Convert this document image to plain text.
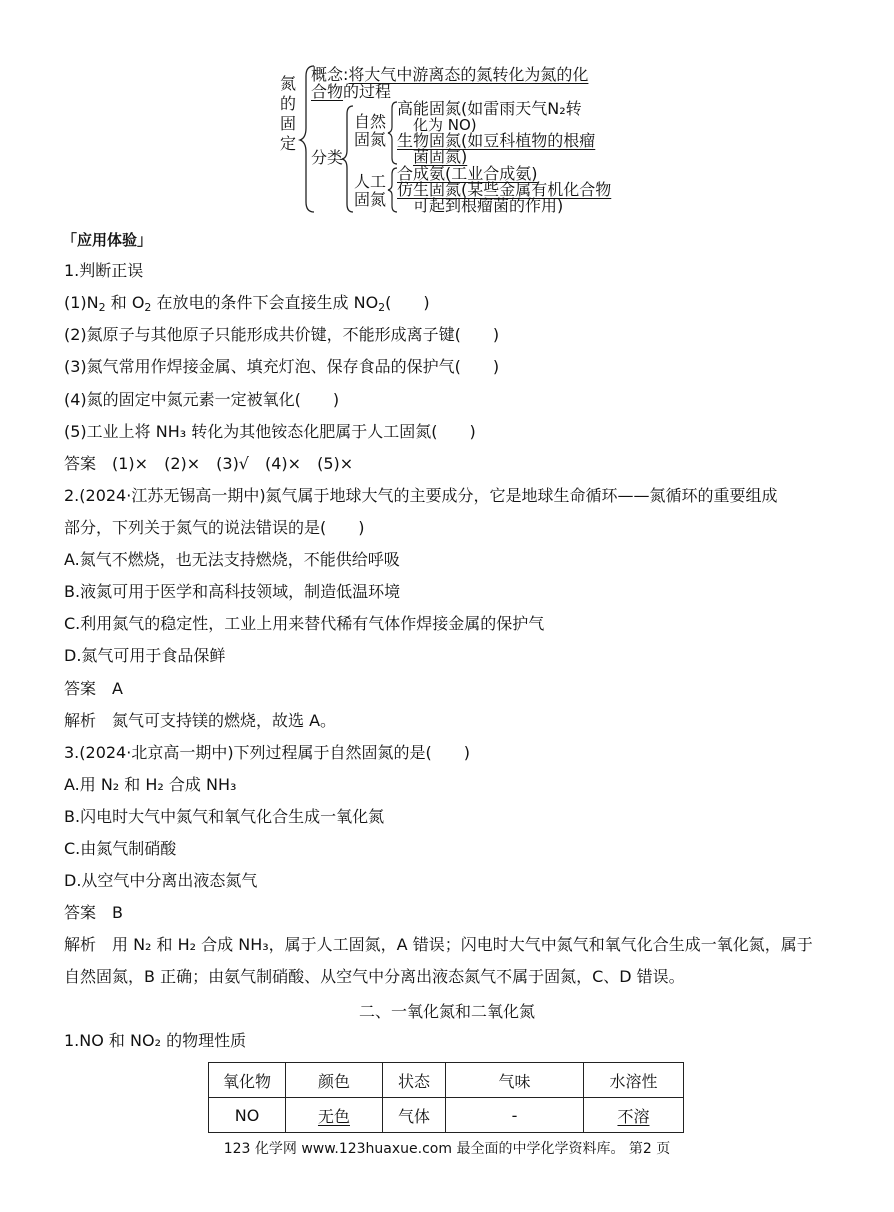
氮的固定
概念:将大气中游离态的氮转化为氮的化
合物的过程
分类
自然
固氮
高能固氮(如雷雨天气N₂转
化为 NO)
生物固氮(如豆科植物的根瘤
菌固氮)
人工
固氮
合成氨(工业合成氨)
仿生固氮(某些金属有机化合物
可起到根瘤菌的作用)
「应用体验」
1.判断正误
$(1)N_2$ 和 $O_2$ 在放电的条件下会直接生成 $NO_2$(　　)
(2)氮原子与其他原子只能形成共价键，不能形成离子键(　　)
(3)氮气常用作焊接金属、填充灯泡、保存食品的保护气(　　)
(4)氮的固定中氮元素一定被氧化(　　)
(5)工业上将 NH₃ 转化为其他铵态化肥属于人工固氮(　　)
答案　(1)×　(2)×　(3)√　(4)×　(5)×
2.(2024·江苏无锡高一期中)氮气属于地球大气的主要成分，它是地球生命循环——氮循环的重要组成
部分，下列关于氮气的说法错误的是(　　)
A.氮气不燃烧，也无法支持燃烧，不能供给呼吸
B.液氮可用于医学和高科技领域，制造低温环境
C.利用氮气的稳定性，工业上用来替代稀有气体作焊接金属的保护气
D.氮气可用于食品保鲜
答案　A
解析　氮气可支持镁的燃烧，故选 A。
3.(2024·北京高一期中)下列过程属于自然固氮的是(　　)
A.用 N₂ 和 H₂ 合成 NH₃
B.闪电时大气中氮气和氧气化合生成一氧化氮
C.由氮气制硝酸
D.从空气中分离出液态氮气
答案　B
解析　用 N₂ 和 H₂ 合成 NH₃，属于人工固氮，A 错误；闪电时大气中氮气和氧气化合生成一氧化氮，属于
自然固氮，B 正确；由氨气制硝酸、从空气中分离出液态氮气不属于固氮，C、D 错误。
二、一氧化氮和二氧化氮
1.NO 和 NO₂ 的物理性质
氧化物	颜色	状态	气味	水溶性
NO	无色	气体	-	不溶
123 化学网 www.123huaxue.com 最全面的中学化学资料库。 第2 页
